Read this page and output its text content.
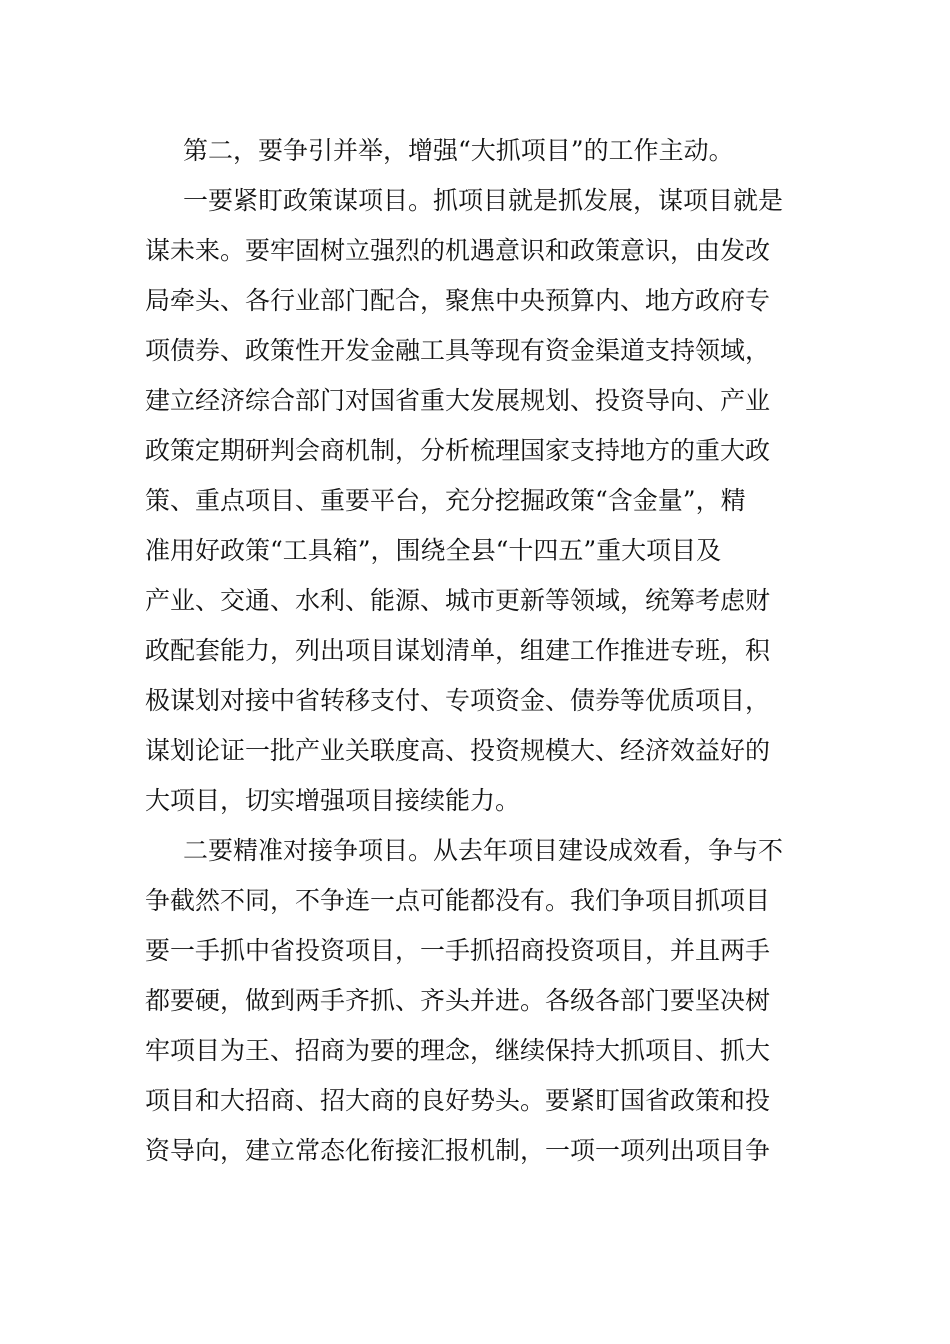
第二，要争引并举，增强“大抓项目”的工作主动。
一要紧盯政策谋项目。抓项目就是抓发展，谋项目就是
谋未来。要牢固树立强烈的机遇意识和政策意识，由发改
局牵头、各行业部门配合，聚焦中央预算内、地方政府专
项债券、政策性开发金融工具等现有资金渠道支持领域，
建立经济综合部门对国省重大发展规划、投资导向、产业
政策定期研判会商机制，分析梳理国家支持地方的重大政
策、重点项目、重要平台，充分挖掘政策“含金量”，精
准用好政策“工具箱”，围绕全县“十四五”重大项目及
产业、交通、水利、能源、城市更新等领域，统筹考虑财
政配套能力，列出项目谋划清单，组建工作推进专班，积
极谋划对接中省转移支付、专项资金、债券等优质项目，
谋划论证一批产业关联度高、投资规模大、经济效益好的
大项目，切实增强项目接续能力。
二要精准对接争项目。从去年项目建设成效看，争与不
争截然不同，不争连一点可能都没有。我们争项目抓项目
要一手抓中省投资项目，一手抓招商投资项目，并且两手
都要硬，做到两手齐抓、齐头并进。各级各部门要坚决树
牢项目为王、招商为要的理念，继续保持大抓项目、抓大
项目和大招商、招大商的良好势头。要紧盯国省政策和投
资导向，建立常态化衔接汇报机制，一项一项列出项目争
